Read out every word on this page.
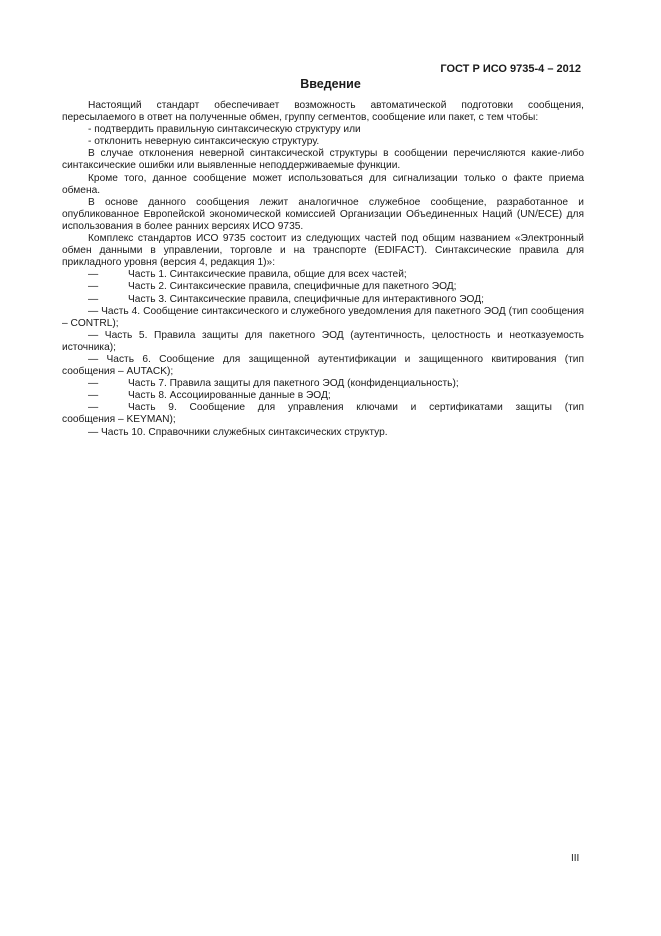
ГОСТ Р ИСО 9735-4 – 2012
Введение

Настоящий стандарт обеспечивает возможность автоматической подготовки сообщения, пересылаемого в ответ на полученные обмен, группу сегментов, сообщение или пакет, с тем чтобы:

- подтвердить правильную синтаксическую структуру или

- отклонить неверную синтаксическую структуру.

В случае отклонения неверной синтаксической структуры в сообщении перечисляются какие-либо синтаксические ошибки или выявленные неподдерживаемые функции.

Кроме того, данное сообщение может использоваться для сигнализации только о факте приема обмена.

В основе данного сообщения лежит аналогичное служебное сообщение, разработанное и опубликованное Европейской экономической комиссией Организации Объединенных Наций (UN/ECE) для использования в более ранних версиях ИСО 9735.

Комплекс стандартов ИСО 9735 состоит из следующих частей под общим названием «Электронный обмен данными в управлении, торговле и на транспорте (EDIFACT). Синтаксические правила для прикладного уровня (версия 4, редакция 1)»:

—	Часть 1. Синтаксические правила, общие для всех частей;
—	Часть 2. Синтаксические правила, специфичные для пакетного ЭОД;
—	Часть 3. Синтаксические правила, специфичные для интерактивного ЭОД;

— Часть 4. Сообщение синтаксического и служебного уведомления для пакетного ЭОД (тип сообщения – CONTRL);

— Часть 5. Правила защиты для пакетного ЭОД (аутентичность, целостность и неотказуемость источника);

— Часть 6. Сообщение для защищенной аутентификации и защищенного квитирования (тип сообщения – AUTACK);

—	Часть 7. Правила защиты для пакетного ЭОД (конфиденциальность);
—	Часть 8. Ассоциированные данные в ЭОД;
—	Часть 9. Сообщение для управления ключами и сертификатами защиты (тип

сообщения – KEYMAN);

— Часть 10. Справочники служебных синтаксических структур.

III
